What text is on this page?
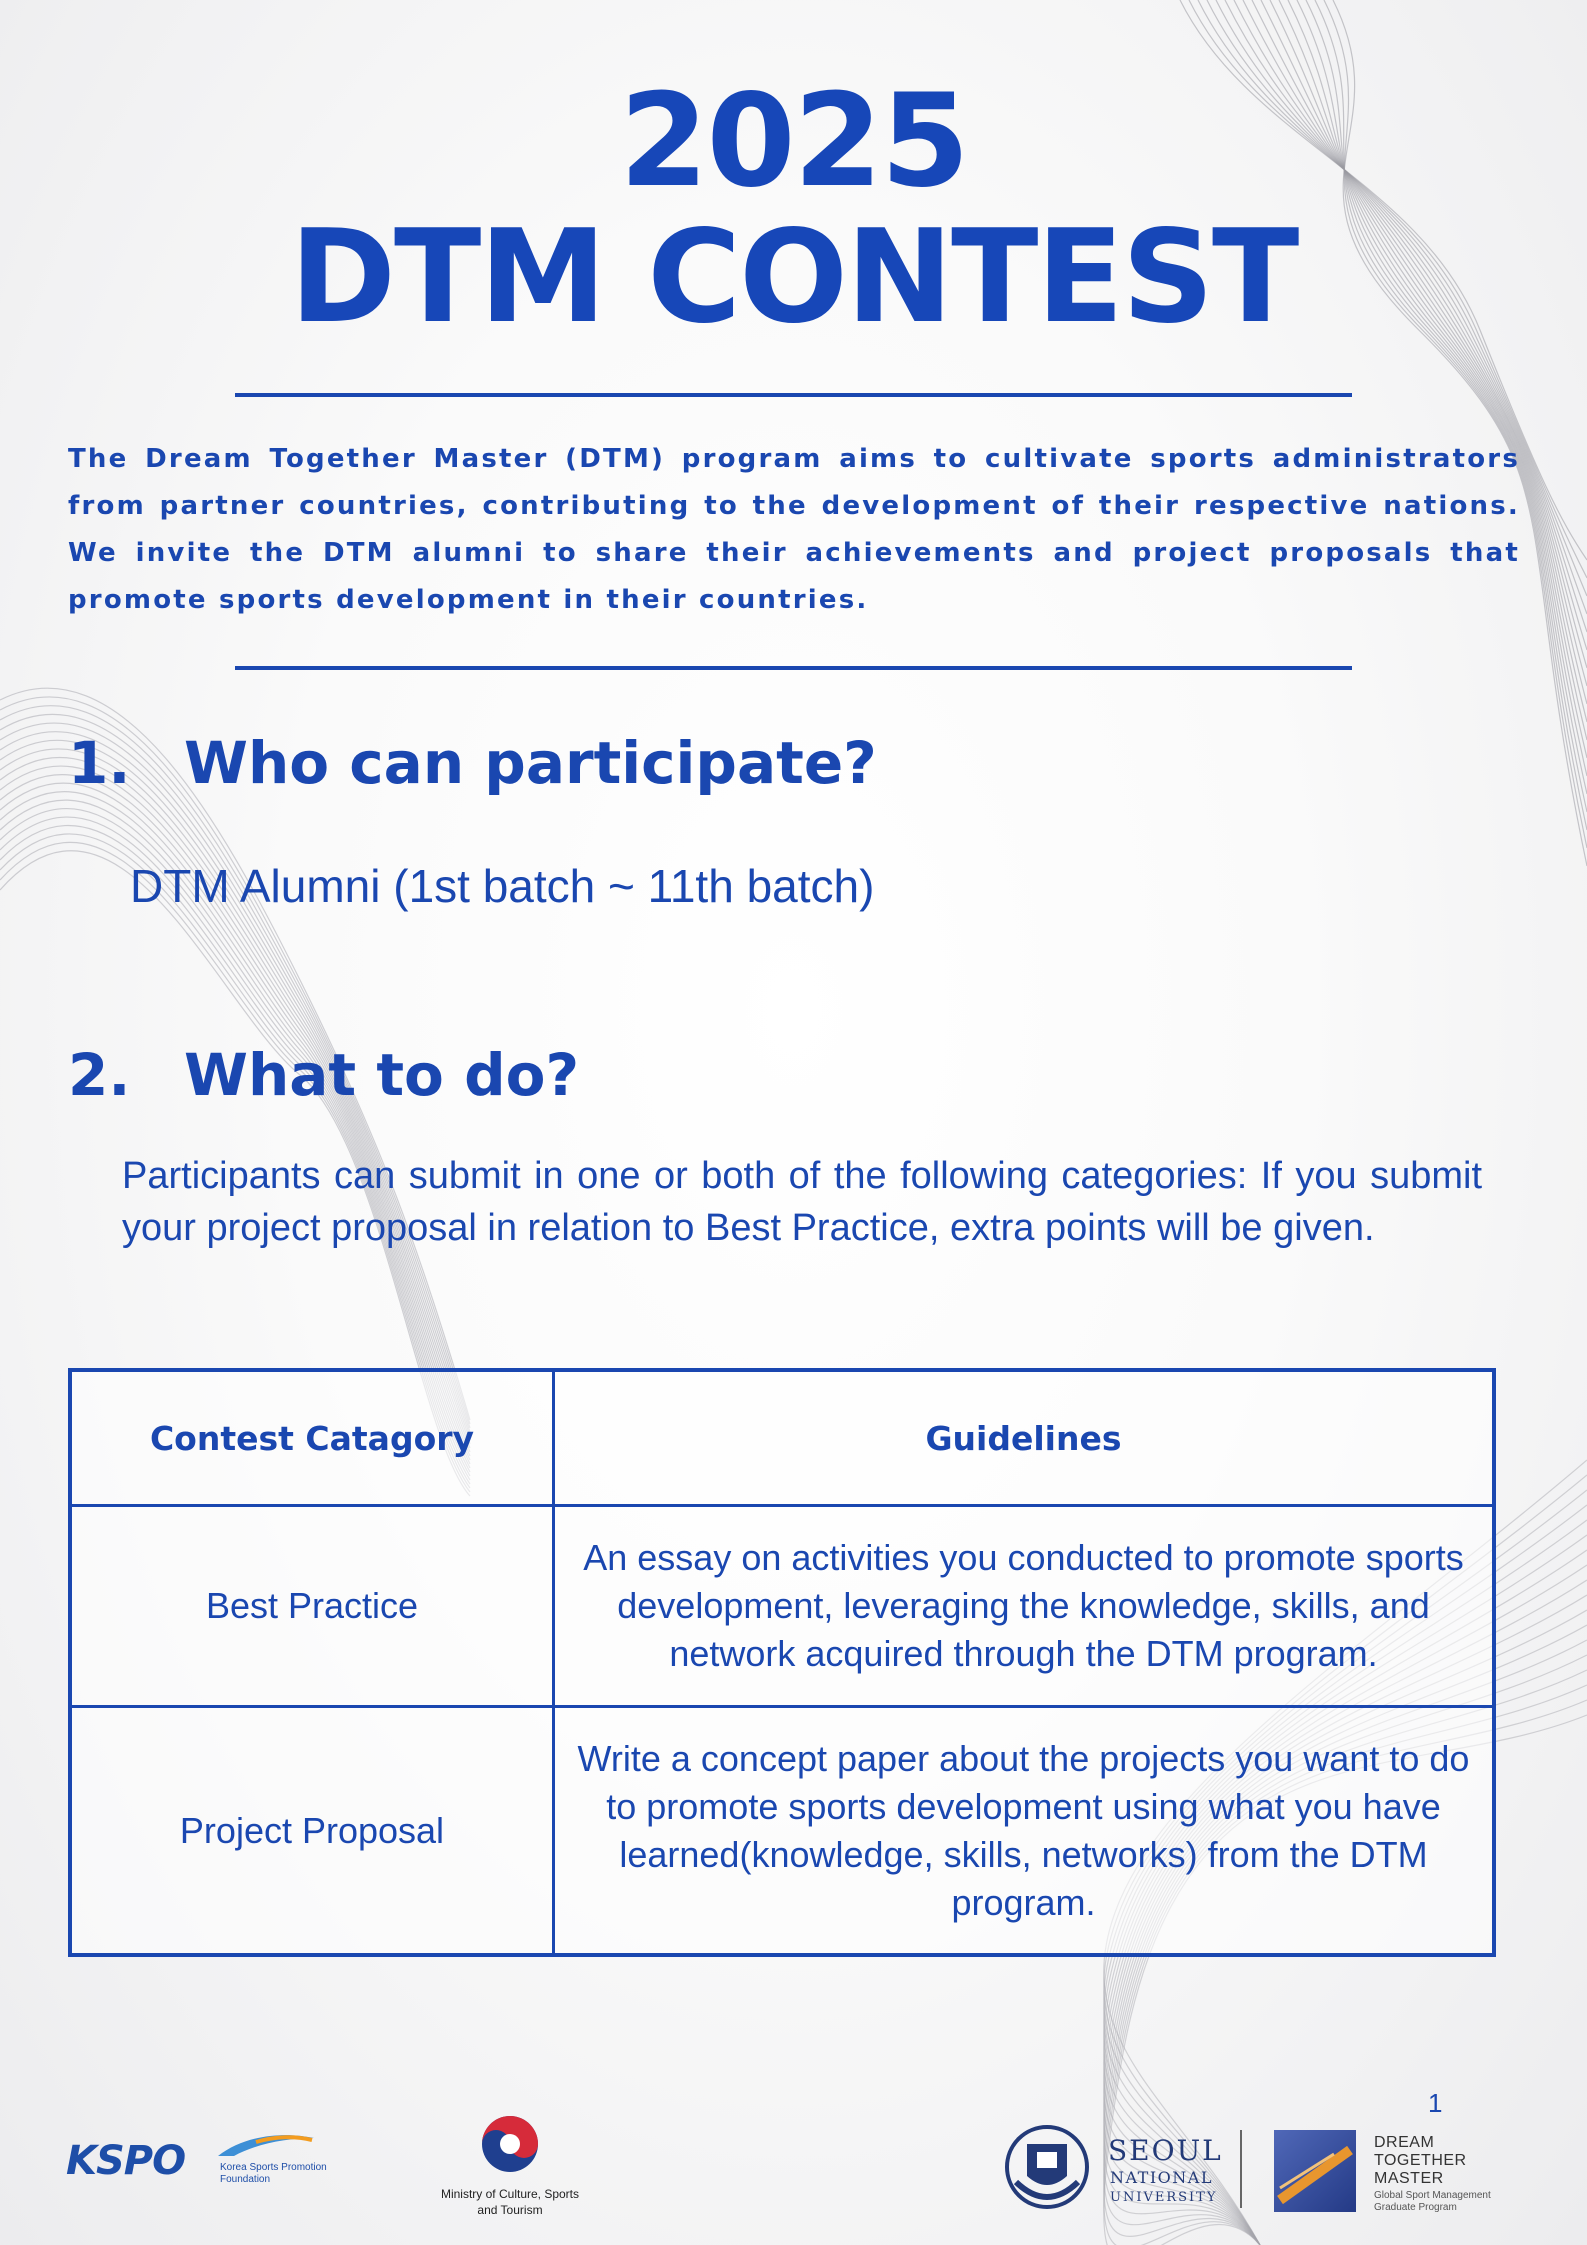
2025
DTM CONTEST
The Dream Together Master (DTM) program aims to cultivate sports administrators from partner countries, contributing to the development of their respective nations. We invite the DTM alumni to share their achievements and project proposals that promote sports development in their countries.
1. Who can participate?
DTM Alumni (1st batch ~ 11th batch)
2. What to do?
Participants can submit in one or both of the following categories: If you submit your project proposal in relation to Best Practice, extra points will be given.
Contest Catagory	Guidelines
Best Practice
An essay on activities you conducted to promote sports development, leveraging the knowledge, skills, and network acquired through the DTM program.
Project Proposal
Write a concept paper about the projects you want to do to promote sports development using what you have learned(knowledge, skills, networks) from the DTM program.
1
KSPO	Korea Sports Promotion Foundation
Ministry of Culture, Sports and Tourism
SEOUL
NATIONAL
UNIVERSITY
DREAM
TOGETHER
MASTER
Global Sport Management Graduate Program
